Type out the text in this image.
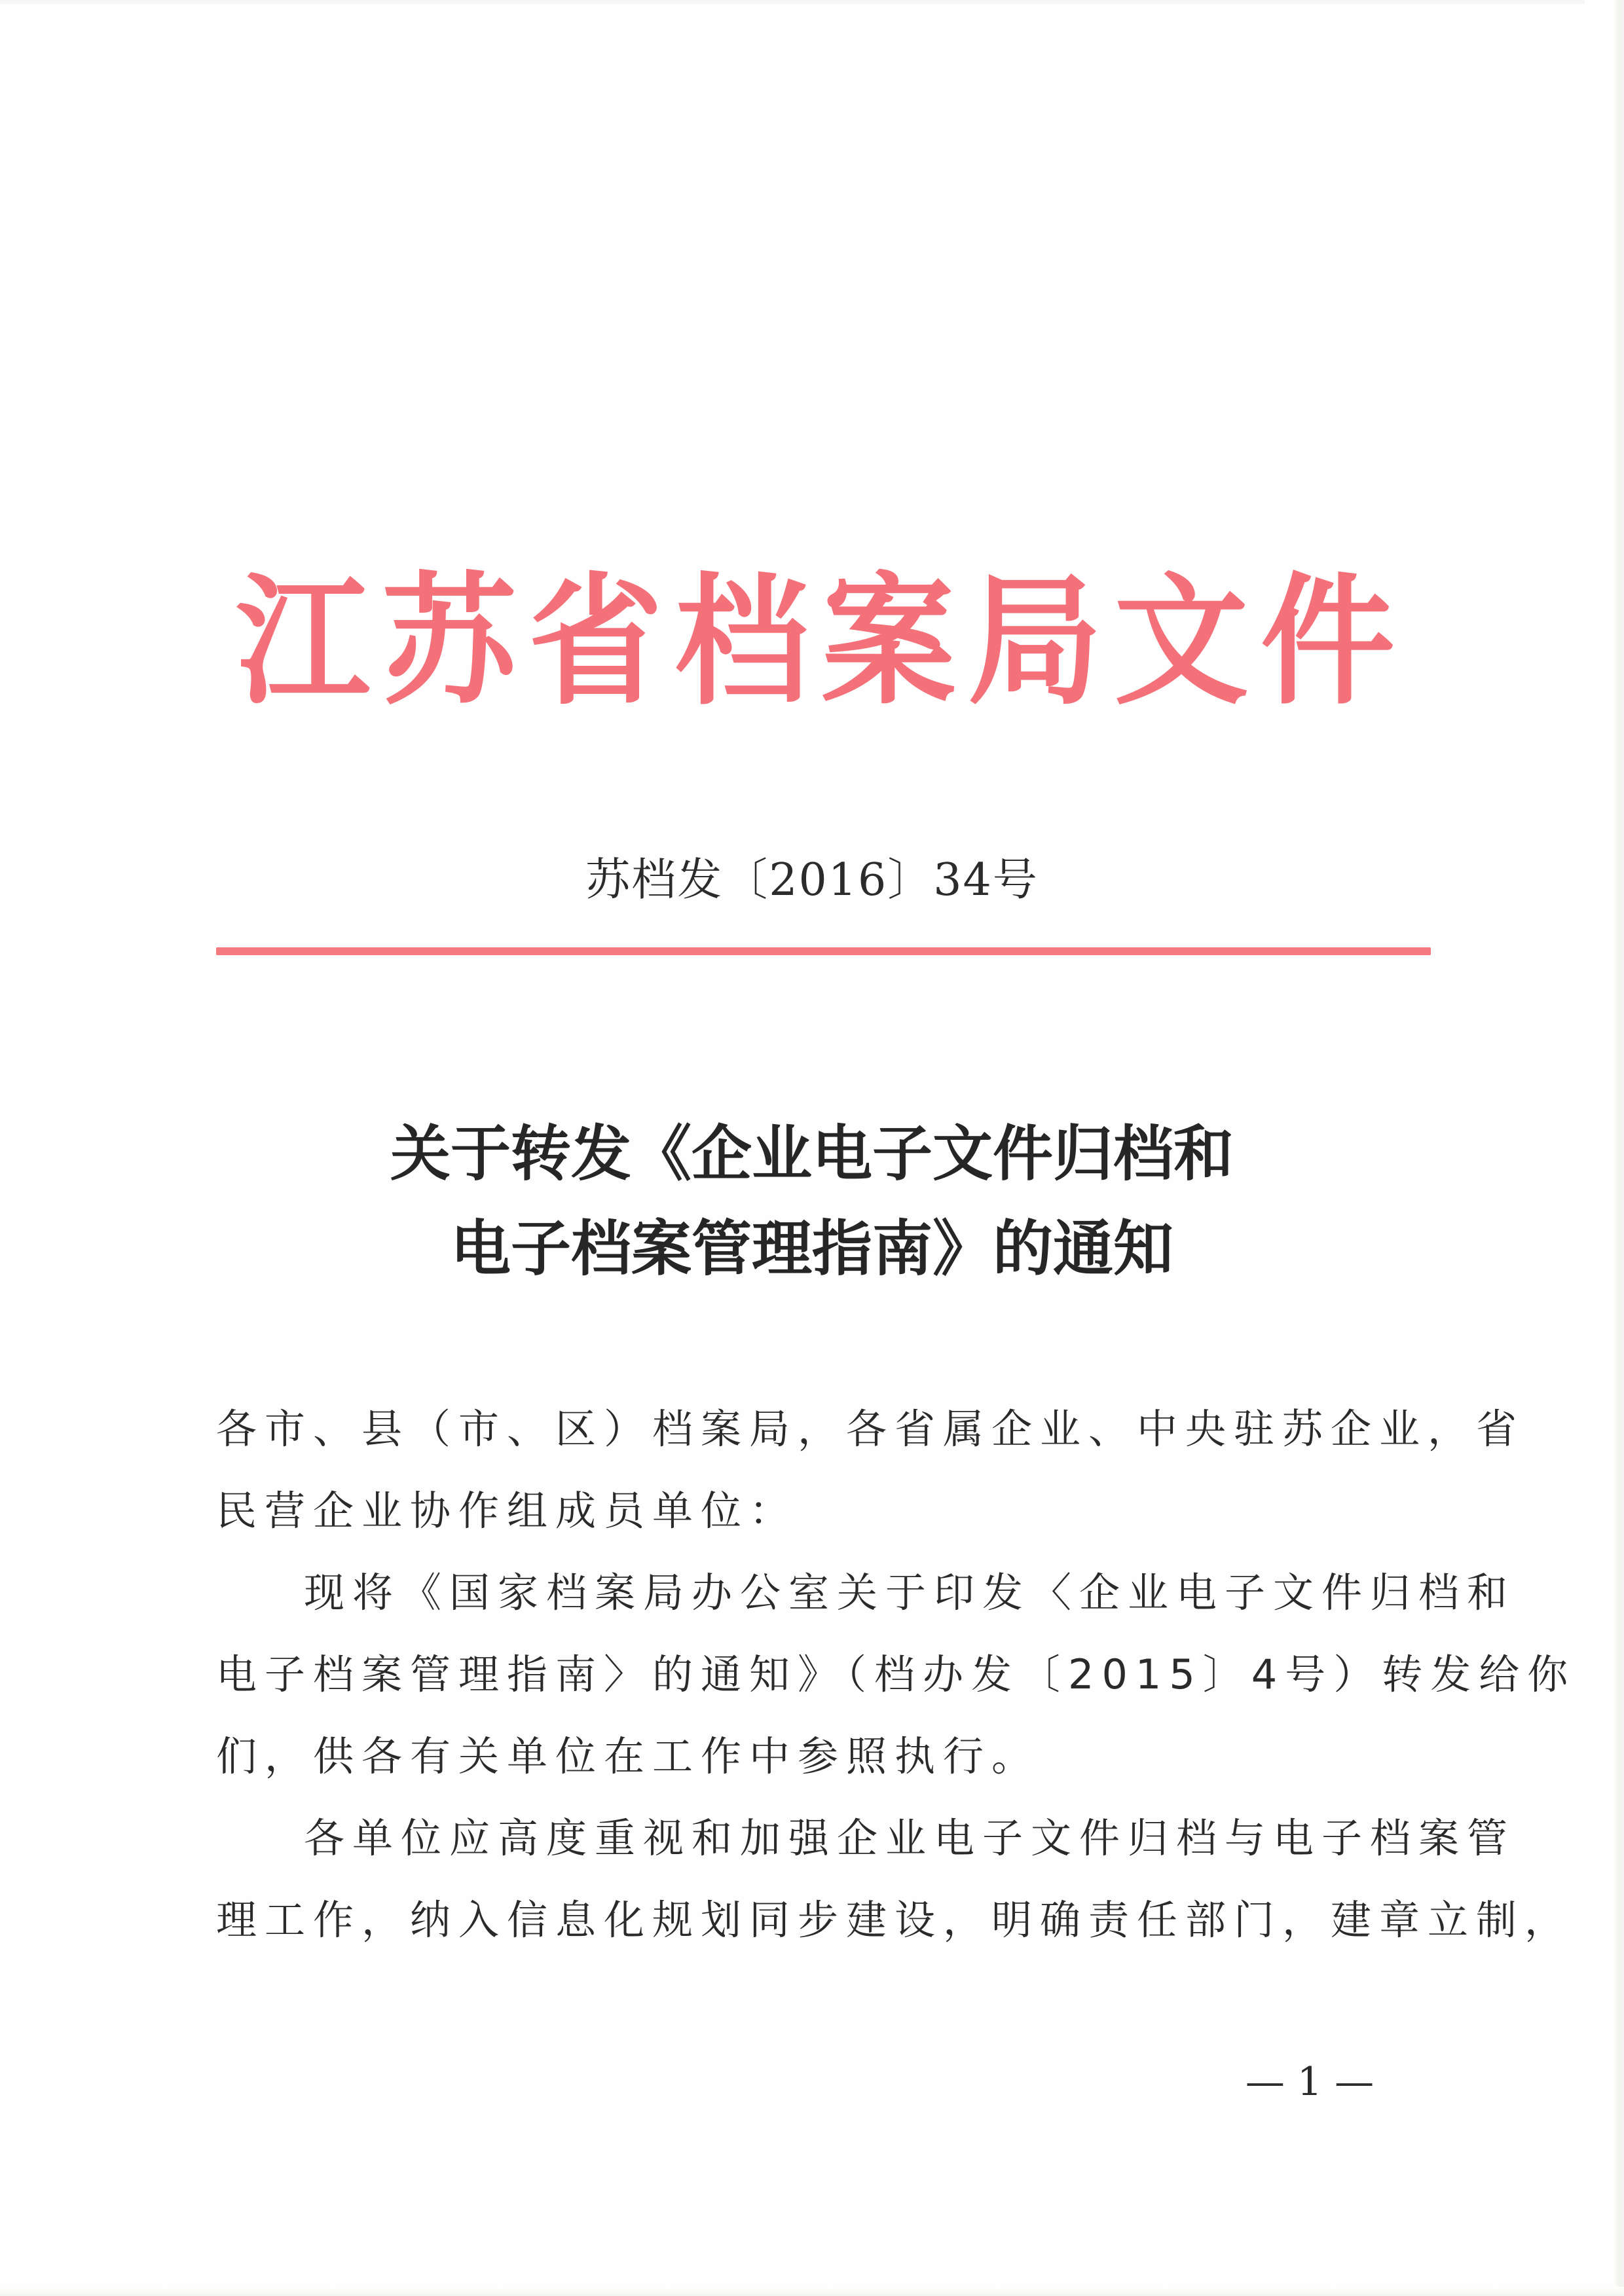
江 苏 省 档 案 局 文 件
苏档发〔2016〕34号
关于转发《企业电子文件归档和
电子档案管理指南》的通知
各市、县（市、区）档案局，各省属企业、中央驻苏企业，省
民营企业协作组成员单位：
现将《国家档案局办公室关于印发〈企业电子文件归档和
电子档案管理指南〉的通知》（档办发〔2015〕4号）转发给你
们，供各有关单位在工作中参照执行。
各单位应高度重视和加强企业电子文件归档与电子档案管
理工作，纳入信息化规划同步建设，明确责任部门，建章立制，
— 1 —
